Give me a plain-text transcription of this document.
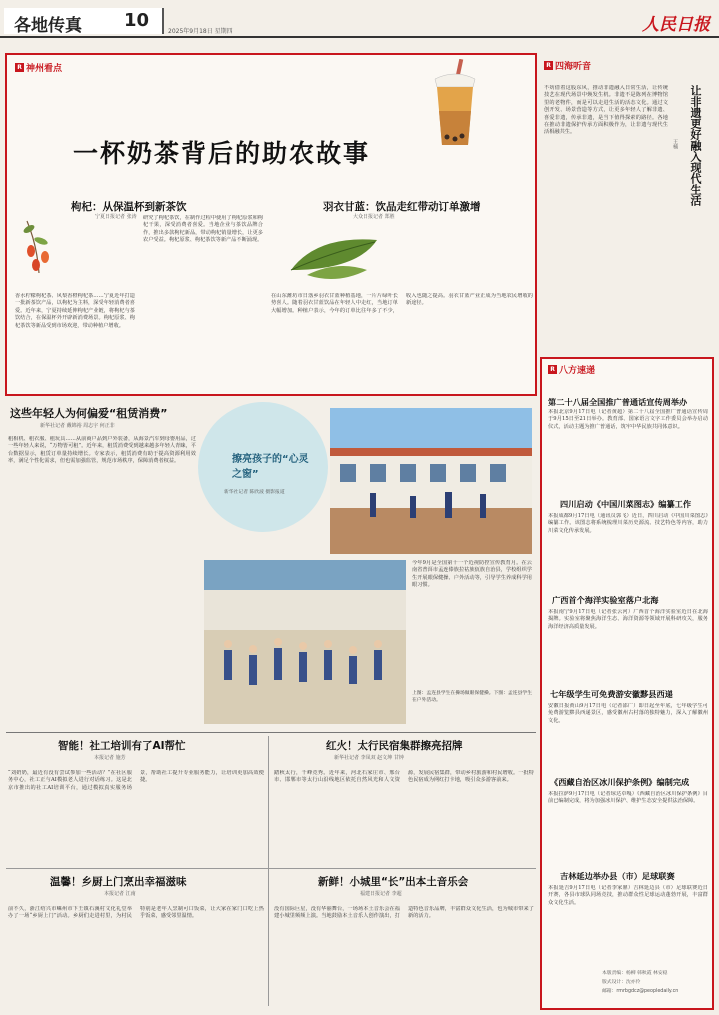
各地传真 10
2025年9月18日 星期四	人民日报
R 神州看点
一杯奶茶背后的助农故事
枸杞：从保温杯到新茶饮
宁夏日报记者 张涛
香水柠檬枸杞茶、风梨香橙枸杞茶……宁夏近年打造一批新茶饮产品，以枸杞为主料，深受年轻消费者喜爱。近年来，宁夏持续延伸枸杞产业链，将枸杞与茶饮结合，在保温杯外开辟新消费场景。枸杞原浆、枸杞茶饮等新品受到市场欢迎，带动种植户增收。
研究了枸杞茶饮，在制作过程中使用了枸杞原浆和枸杞干果，深受消费者喜爱。当地企业与茶饮品牌合作，推出多款枸杞新品，带动枸杞销量增长，让更多农户受益。枸杞原浆、枸杞茶饮等新产品不断涌现。
羽衣甘蓝：饮品走红带动订单激增
大众日报记者 郑胜
在山东潍坊市日落乡羽衣甘蓝种植基地，一片片绿叶长势喜人。随着羽衣甘蓝饮品在年轻人中走红，当地订单大幅增加。种植户表示，今年的订单比往年多了不少，收入也随之提高。羽衣甘蓝产业正成为当地农民增收的新途径。
R 四海听音
让非遗更好融入现代生活
王楠
不妨借着这股东风，推动非遗融入日常生活，让传统技艺在现代场景中焕发生机。非遗不是陈列在博物馆里的老物件，而是可以走进生活的活态文化。通过文创开发、场景营造等方式，让更多年轻人了解非遗、喜爱非遗，传承非遗，是当下值得探索的路径。各地在推动非遗保护传承方面积极作为，让非遗与现代生活相融共生。
R 八方速递
第二十八届全国推广普通话宣传周举办
本报北京9月17日电（记者黄超）第二十八届全国推广普通话宣传周于9月15日至21日举办。教育部、国家语言文字工作委员会举办启动仪式，活动主题为推广普通话，筑牢中华民族共同体意识。
四川启动《中国川菜图志》编纂工作
本报成都9月17日电（通讯员郭飞）近日，四川启动《中国川菜图志》编纂工作。该图志将系统梳理川菜历史源流、技艺特色等内容，助力川菜文化传承发展。
广西首个海洋实验室落户北海
本报南宁9月17日电（记者张云河）广西首个海洋实验室近日在北海揭牌。实验室将聚焦海洋生态、海洋资源等领域开展科研攻关，服务海洋经济高质量发展。
七年级学生可免费游安徽黟县西递
安徽日报黄山9月17日电（记者邵广）即日起至年底，七年级学生可免费游览黟县西递景区，感受徽州古村落的独特魅力，深入了解徽州文化。
《西藏自治区冰川保护条例》编制完成
本报拉萨9月17日电（记者琼达卓嘎）《西藏自治区冰川保护条例》目前已编制完成，将为加强冰川保护、维护生态安全提供法治保障。
吉林延边举办县（市）足球联赛
本报延吉9月17日电（记者李家鼎）吉林延边县（市）足球联赛近日开赛，各县市球队同场竞技，推动群众性足球运动蓬勃开展，丰富群众文化生活。
本版责编：杨柳 韩秋霞 林安稳
版式设计：沈亦伶
邮箱：rmrbgdcz@peopledaily.cn
这些年轻人为何偏爱“租赁消费”
新华社记者 戴锦裕 周志宇 何正非
租相机、租衣服、租玩具……从前商户品到户外装备，从海景汽车到母婴用品，过一些年轻人来说，“万物皆可租”。近年来，租赁消费受到越来越多年轻人青睐，平台数据显示，租赁订单量持续增长。专家表示，租赁消费有助于提高资源利用效率，满足个性化需求，但也需加强监管，规范市场秩序，保障消费者权益。	擦亮孩子的“心灵之窗”
新华社记者 陈欣波 摄影报道
今年9月是全国第十一个近视防控宣传教育月。在云南省普洱市孟连傣族拉祜族佤族自治县，学校组织学生开展眼保健操、户外活动等，引导学生养成科学用眼习惯。
上图：孟连县学生在操场做眼保健操。下图：孟连县学生在户外活动。
智能！社工培训有了AI帮忙
本报记者 施芳
“刘奶奶，最近有没有尝试参加一些活动？”在社区服务中心，社工正与AI模拟老人进行对话练习。这是北京市推出的社工AI培训平台，通过模拟真实服务场景，帮助社工提升专业服务能力，让培训更加高效便捷。
红火！太行民宿集群擦亮招牌
新华社记者 李凤双 赵文坤 甘钟
踏秋太行，千峰竞秀。近年来，河北石家庄市、邢台市、邯郸市等太行山沿线地区依托自然风光和人文资源，发展民宿集群，带动乡村旅游和村民增收。一批特色民宿成为网红打卡地，吸引众多游客前来。
温馨！乡厨上门烹出幸福滋味
本报记者 江南
前不久，浙江绍兴市嵊州市下王镇石溪村文化礼堂举办了一场“乡厨上门”活动。乡厨们走进村里，为村民特别是老年人烹制可口饭菜，让大家在家门口吃上热乎饭菜，感受邻里温情。
新鲜！小城里“长”出本土音乐会
福建日报记者 李超
没有国际巨星，没有华丽舞台，一场场本土音乐会在福建小城里频频上演。当地鼓励本土音乐人创作演出，打造特色音乐品牌，丰富群众文化生活，也为城市带来了新的活力。
